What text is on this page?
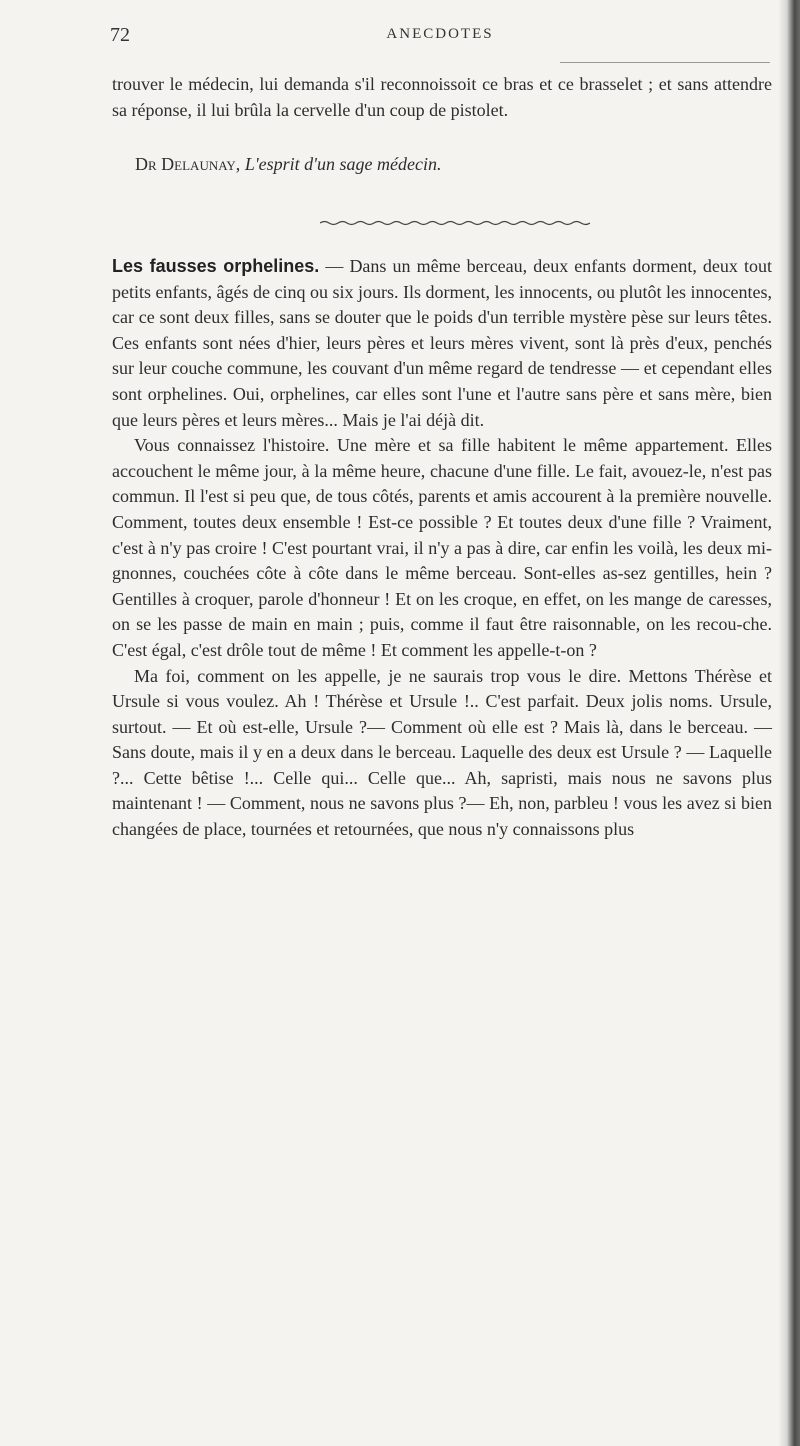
72	ANECDOTES

trouver le médecin, lui demanda s'il reconnoissoit ce bras et ce brasselet ; et sans attendre sa réponse, il lui brûla la cervelle d'un coup de pistolet.

Dr Delaunay, L'esprit d'un sage médecin.

Les fausses orphelines. — Dans un même berceau, deux enfants dorment, deux tout petits enfants, âgés de cinq ou six jours. Ils dorment, les innocents, ou plutôt les innocentes, car ce sont deux filles, sans se douter que le poids d'un terrible mystère pèse sur leurs têtes. Ces enfants sont nées d'hier, leurs pères et leurs mères vivent, sont là près d'eux, penchés sur leur couche commune, les couvant d'un même regard de tendresse — et cependant elles sont orphelines. Oui, orphelines, car elles sont l'une et l'autre sans père et sans mère, bien que leurs pères et leurs mères... Mais je l'ai déjà dit.

Vous connaissez l'histoire. Une mère et sa fille habitent le même appartement. Elles accouchent le même jour, à la même heure, chacune d'une fille. Le fait, avouez-le, n'est pas commun. Il l'est si peu que, de tous côtés, parents et amis accourent à la première nouvelle. Comment, toutes deux ensemble ! Est-ce possible ? Et toutes deux d'une fille ? Vraiment, c'est à n'y pas croire ! C'est pourtant vrai, il n'y a pas à dire, car enfin les voilà, les deux mi-gnonnes, couchées côte à côte dans le même berceau. Sont-elles as-sez gentilles, hein ? Gentilles à croquer, parole d'honneur ! Et on les croque, en effet, on les mange de caresses, on se les passe de main en main ; puis, comme il faut être raisonnable, on les recou-che. C'est égal, c'est drôle tout de même ! Et comment les appelle-t-on ?

Ma foi, comment on les appelle, je ne saurais trop vous le dire. Mettons Thérèse et Ursule si vous voulez. Ah ! Thérèse et Ursule !.. C'est parfait. Deux jolis noms. Ursule, surtout. — Et où est-elle, Ursule ?— Comment où elle est ? Mais là, dans le berceau. — Sans doute, mais il y en a deux dans le berceau. Laquelle des deux est Ursule ? — Laquelle ?... Cette bêtise !... Celle qui... Celle que... Ah, sapristi, mais nous ne savons plus maintenant ! — Comment, nous ne savons plus ?— Eh, non, parbleu ! vous les avez si bien changées de place, tournées et retournées, que nous n'y connaissons plus
